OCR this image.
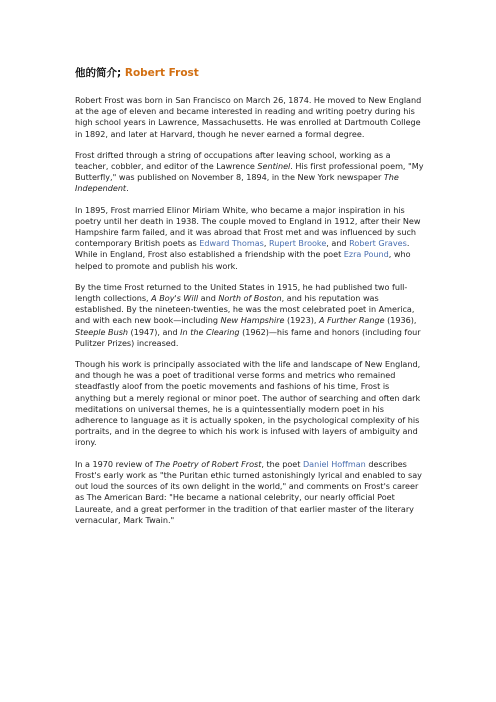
他的简介; Robert Frost

Robert Frost was born in San Francisco on March 26, 1874. He moved to New England at the age of eleven and became interested in reading and writing poetry during his high school years in Lawrence, Massachusetts. He was enrolled at Dartmouth College in 1892, and later at Harvard, though he never earned a formal degree.

Frost drifted through a string of occupations after leaving school, working as a teacher, cobbler, and editor of the Lawrence Sentinel. His first professional poem, "My Butterfly," was published on November 8, 1894, in the New York newspaper The Independent.

In 1895, Frost married Elinor Miriam White, who became a major inspiration in his poetry until her death in 1938. The couple moved to England in 1912, after their New Hampshire farm failed, and it was abroad that Frost met and was influenced by such contemporary British poets as Edward Thomas, Rupert Brooke, and Robert Graves. While in England, Frost also established a friendship with the poet Ezra Pound, who helped to promote and publish his work.

By the time Frost returned to the United States in 1915, he had published two full-length collections, A Boy's Will and North of Boston, and his reputation was established. By the nineteen-twenties, he was the most celebrated poet in America, and with each new book—including New Hampshire (1923), A Further Range (1936), Steeple Bush (1947), and In the Clearing (1962)—his fame and honors (including four Pulitzer Prizes) increased.

Though his work is principally associated with the life and landscape of New England, and though he was a poet of traditional verse forms and metrics who remained steadfastly aloof from the poetic movements and fashions of his time, Frost is anything but a merely regional or minor poet. The author of searching and often dark meditations on universal themes, he is a quintessentially modern poet in his adherence to language as it is actually spoken, in the psychological complexity of his portraits, and in the degree to which his work is infused with layers of ambiguity and irony.

In a 1970 review of The Poetry of Robert Frost, the poet Daniel Hoffman describes Frost's early work as "the Puritan ethic turned astonishingly lyrical and enabled to say out loud the sources of its own delight in the world," and comments on Frost's career as The American Bard: "He became a national celebrity, our nearly official Poet Laureate, and a great performer in the tradition of that earlier master of the literary vernacular, Mark Twain."
